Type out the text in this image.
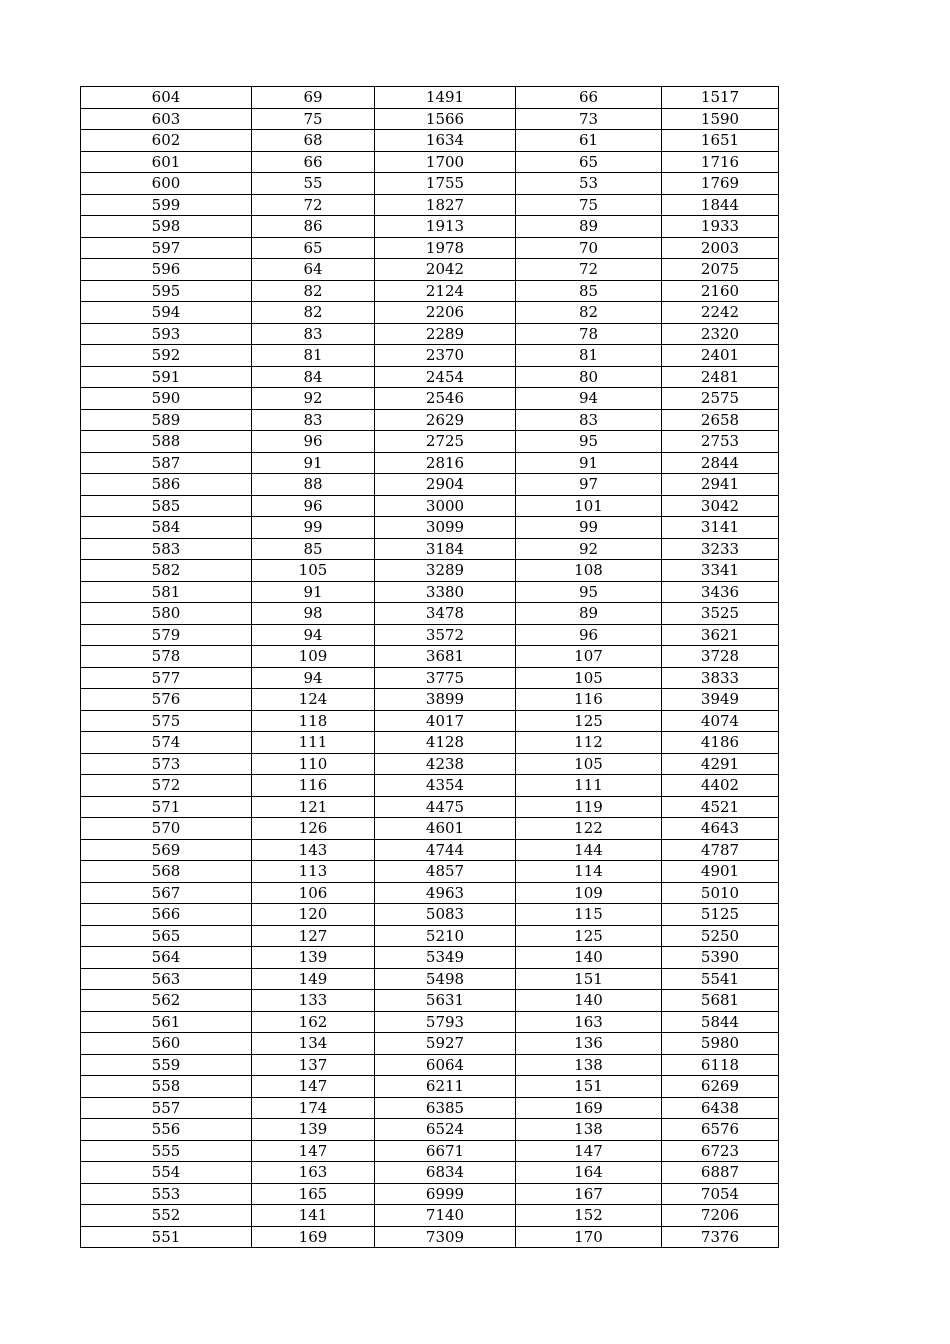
604	69	1491	66	1517
603	75	1566	73	1590
602	68	1634	61	1651
601	66	1700	65	1716
600	55	1755	53	1769
599	72	1827	75	1844
598	86	1913	89	1933
597	65	1978	70	2003
596	64	2042	72	2075
595	82	2124	85	2160
594	82	2206	82	2242
593	83	2289	78	2320
592	81	2370	81	2401
591	84	2454	80	2481
590	92	2546	94	2575
589	83	2629	83	2658
588	96	2725	95	2753
587	91	2816	91	2844
586	88	2904	97	2941
585	96	3000	101	3042
584	99	3099	99	3141
583	85	3184	92	3233
582	105	3289	108	3341
581	91	3380	95	3436
580	98	3478	89	3525
579	94	3572	96	3621
578	109	3681	107	3728
577	94	3775	105	3833
576	124	3899	116	3949
575	118	4017	125	4074
574	111	4128	112	4186
573	110	4238	105	4291
572	116	4354	111	4402
571	121	4475	119	4521
570	126	4601	122	4643
569	143	4744	144	4787
568	113	4857	114	4901
567	106	4963	109	5010
566	120	5083	115	5125
565	127	5210	125	5250
564	139	5349	140	5390
563	149	5498	151	5541
562	133	5631	140	5681
561	162	5793	163	5844
560	134	5927	136	5980
559	137	6064	138	6118
558	147	6211	151	6269
557	174	6385	169	6438
556	139	6524	138	6576
555	147	6671	147	6723
554	163	6834	164	6887
553	165	6999	167	7054
552	141	7140	152	7206
551	169	7309	170	7376
